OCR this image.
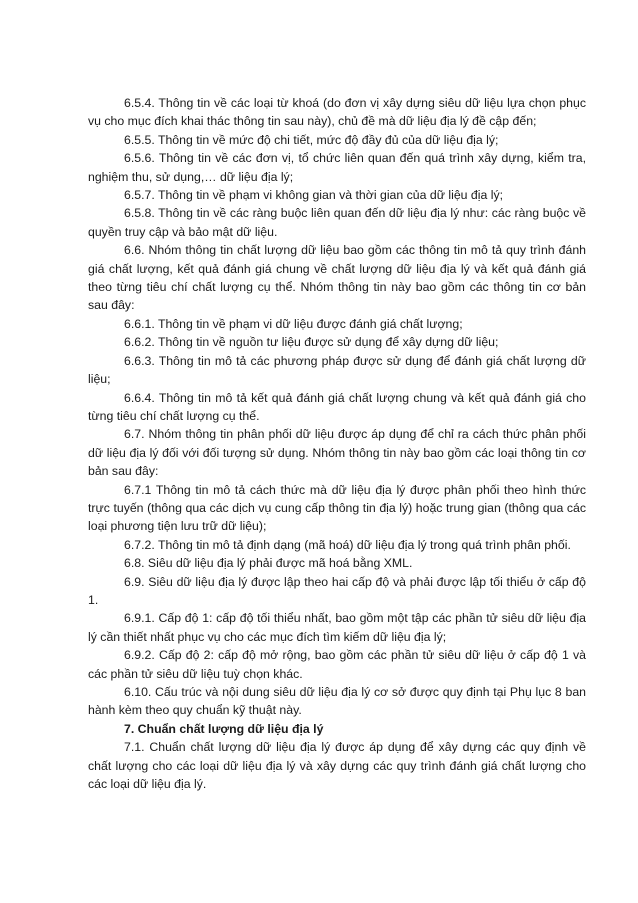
6.5.4. Thông tin về các loại từ khoá (do đơn vị xây dựng siêu dữ liệu lựa chọn phục vụ cho mục đích khai thác thông tin sau này), chủ đề mà dữ liệu địa lý đề cập đến;

6.5.5. Thông tin về mức độ chi tiết, mức độ đầy đủ của dữ liệu địa lý;

6.5.6. Thông tin về các đơn vị, tổ chức liên quan đến quá trình xây dựng, kiểm tra, nghiệm thu, sử dụng,… dữ liệu địa lý;

6.5.7. Thông tin về phạm vi không gian và thời gian của dữ liệu địa lý;

6.5.8. Thông tin về các ràng buộc liên quan đến dữ liệu địa lý như: các ràng buộc về quyền truy cập và bảo mật dữ liệu.

6.6. Nhóm thông tin chất lượng dữ liệu bao gồm các thông tin mô tả quy trình đánh giá chất lượng, kết quả đánh giá chung về chất lượng dữ liệu địa lý và kết quả đánh giá theo từng tiêu chí chất lượng cụ thể. Nhóm thông tin này bao gồm các thông tin cơ bản sau đây:

6.6.1. Thông tin về phạm vi dữ liệu được đánh giá chất lượng;

6.6.2. Thông tin về nguồn tư liệu được sử dụng để xây dựng dữ liệu;

6.6.3. Thông tin mô tả các phương pháp được sử dụng để đánh giá chất lượng dữ liệu;

6.6.4. Thông tin mô tả kết quả đánh giá chất lượng chung và kết quả đánh giá cho từng tiêu chí chất lượng cụ thể.

6.7. Nhóm thông tin phân phối dữ liệu được áp dụng để chỉ ra cách thức phân phối dữ liệu địa lý đối với đối tượng sử dụng. Nhóm thông tin này bao gồm các loại thông tin cơ bản sau đây:

6.7.1 Thông tin mô tả cách thức mà dữ liệu địa lý được phân phối theo hình thức trực tuyến (thông qua các dịch vụ cung cấp thông tin địa lý) hoặc trung gian (thông qua các loại phương tiện lưu trữ dữ liệu);

6.7.2. Thông tin mô tả định dạng (mã hoá) dữ liệu địa lý trong quá trình phân phối.

6.8. Siêu dữ liệu địa lý phải được mã hoá bằng XML.

6.9. Siêu dữ liệu địa lý được lập theo hai cấp độ và phải được lập tối thiểu ở cấp độ 1.

6.9.1. Cấp độ 1: cấp độ tối thiểu nhất, bao gồm một tập các phần tử siêu dữ liệu địa lý cần thiết nhất phục vụ cho các mục đích tìm kiếm dữ liệu địa lý;

6.9.2. Cấp độ 2: cấp độ mở rộng, bao gồm các phần tử siêu dữ liệu ở cấp độ 1 và các phần tử siêu dữ liệu tuỳ chọn khác.

6.10. Cấu trúc và nội dung siêu dữ liệu địa lý cơ sở được quy định tại Phụ lục 8 ban hành kèm theo quy chuẩn kỹ thuật này.

7. Chuẩn chất lượng dữ liệu địa lý

7.1. Chuẩn chất lượng dữ liệu địa lý được áp dụng để xây dựng các quy định về chất lượng cho các loại dữ liệu địa lý và xây dựng các quy trình đánh giá chất lượng cho các loại dữ liệu địa lý.
